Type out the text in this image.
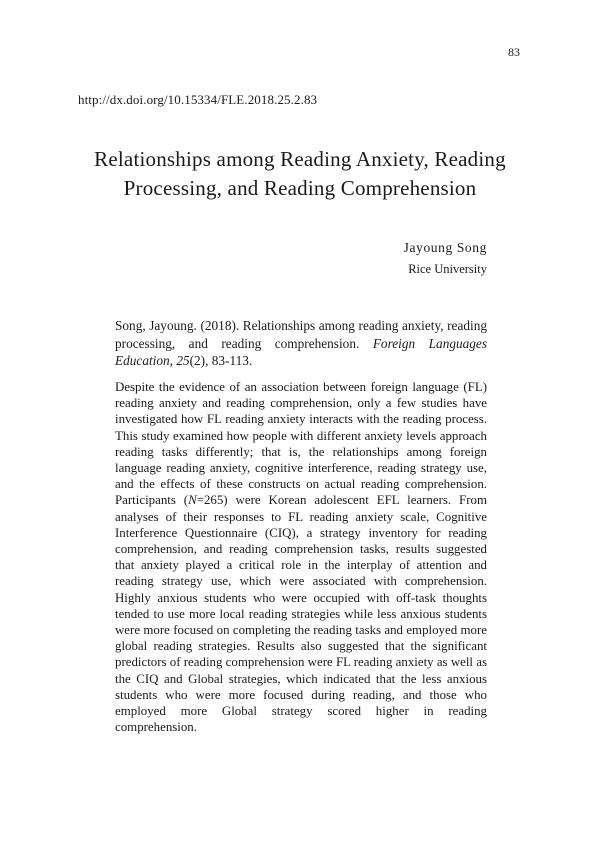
83
http://dx.doi.org/10.15334/FLE.2018.25.2.83
Relationships among Reading Anxiety, Reading
Processing, and Reading Comprehension
Jayoung Song
Rice University
Song, Jayoung. (2018). Relationships among reading anxiety, reading processing, and reading comprehension. Foreign Languages Education, 25(2), 83-113.

Despite the evidence of an association between foreign language (FL) reading anxiety and reading comprehension, only a few studies have investigated how FL reading anxiety interacts with the reading process. This study examined how people with different anxiety levels approach reading tasks differently; that is, the relationships among foreign language reading anxiety, cognitive interference, reading strategy use, and the effects of these constructs on actual reading comprehension. Participants (N=265) were Korean adolescent EFL learners. From analyses of their responses to FL reading anxiety scale, Cognitive Interference Questionnaire (CIQ), a strategy inventory for reading comprehension, and reading comprehension tasks, results suggested that anxiety played a critical role in the interplay of attention and reading strategy use, which were associated with comprehension. Highly anxious students who were occupied with off-task thoughts tended to use more local reading strategies while less anxious students were more focused on completing the reading tasks and employed more global reading strategies. Results also suggested that the significant predictors of reading comprehension were FL reading anxiety as well as the CIQ and Global strategies, which indicated that the less anxious students who were more focused during reading, and those who employed more Global strategy scored higher in reading comprehension.
